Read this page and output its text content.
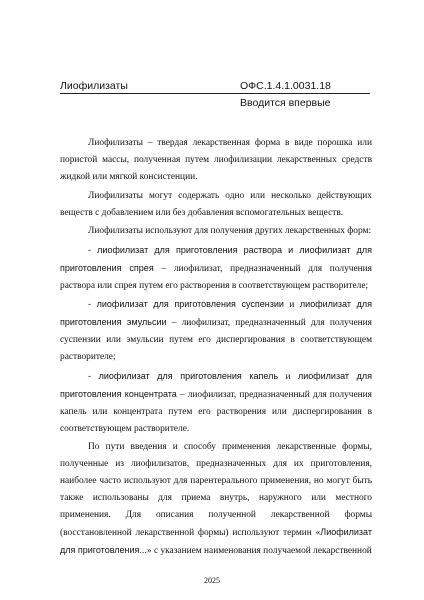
Лиофилизаты	ОФС.1.4.1.0031.18
Вводится впервые

Лиофилизаты – твердая лекарственная форма в виде порошка или пористой массы, полученная путем лиофилизации лекарственных средств жидкой или мягкой консистенции.

Лиофилизаты могут содержать одно или несколько действующих веществ с добавлением или без добавления вспомогательных веществ.

Лиофилизаты используют для получения других лекарственных форм:

- лиофилизат для приготовления раствора и лиофилизат для приготовления спрея – лиофилизат, предназначенный для получения раствора или спрея путем его растворения в соответствующем растворителе;

- лиофилизат для приготовления суспензии и лиофилизат для приготовления эмульсии – лиофилизат, предназначенный для получения суспензии или эмульсии путем его диспергирования в соответствующем растворителе;

- лиофилизат для приготовления капель и лиофилизат для приготовления концентрата – лиофилизат, предназначенный для получения капель или концентрата путем его растворения или диспергирования в соответствующем растворителе.

По пути введения и способу применения лекарственные формы, полученные из лиофилизатов, предназначенных для их приготовления, наиболее часто используют для парентерального применения, но могут быть также использованы для приема внутрь, наружного или местного применения. Для описания полученной лекарственной формы (восстановленной лекарственной формы) используют термин «Лиофилизат для приготовления...» с указанием наименования получаемой лекарственной

2025
